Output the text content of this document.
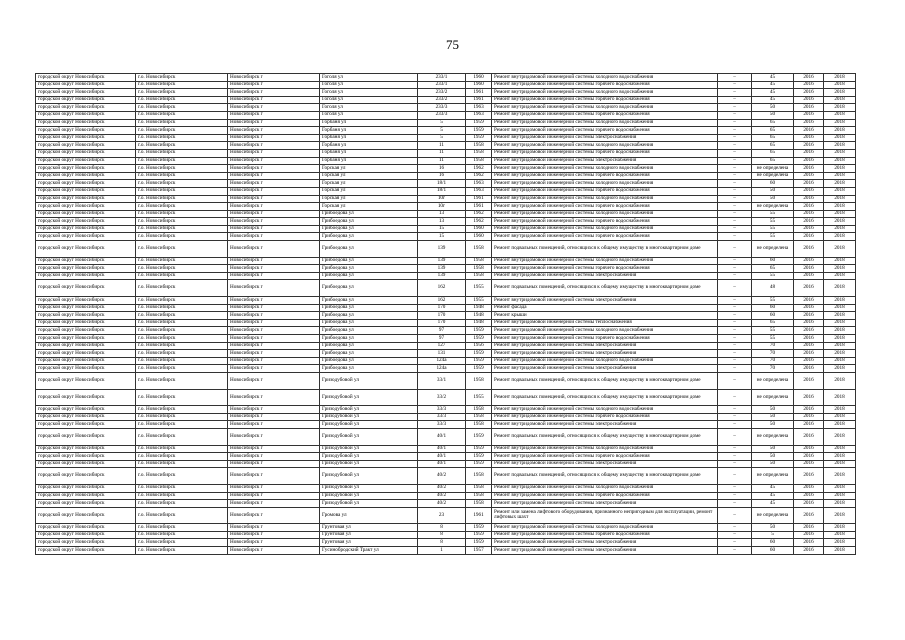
75
городской округ Новосибирск	г.о. Новосибирск	Новосибирск г	Гоголя ул	233/1	1960	Ремонт внутридомовой инженерной системы холодного водоснабжения	–	45	2016	2018
городской округ Новосибирск	г.о. Новосибирск	Новосибирск г	Гоголя ул	233/1	1960	Ремонт внутридомовой инженерной системы горячего водоснабжения	–	45	2016	2018
городской округ Новосибирск	г.о. Новосибирск	Новосибирск г	Гоголя ул	233/2	1961	Ремонт внутридомовой инженерной системы холодного водоснабжения	–	45	2016	2018
городской округ Новосибирск	г.о. Новосибирск	Новосибирск г	Гоголя ул	233/2	1961	Ремонт внутридомовой инженерной системы горячего водоснабжения	–	45	2016	2018
городской округ Новосибирск	г.о. Новосибирск	Новосибирск г	Гоголя ул	233/3	1963	Ремонт внутридомовой инженерной системы холодного водоснабжения	–	50	2016	2018
городской округ Новосибирск	г.о. Новосибирск	Новосибирск г	Гоголя ул	233/3	1963	Ремонт внутридомовой инженерной системы горячего водоснабжения	–	50	2016	2018
городской округ Новосибирск	г.о. Новосибирск	Новосибирск г	Горбаня ул	5	1959	Ремонт внутридомовой инженерной системы холодного водоснабжения	–	65	2016	2018
городской округ Новосибирск	г.о. Новосибирск	Новосибирск г	Горбаня ул	5	1959	Ремонт внутридомовой инженерной системы горячего водоснабжения	–	65	2016	2018
городской округ Новосибирск	г.о. Новосибирск	Новосибирск г	Горбаня ул	5	1959	Ремонт внутридомовой инженерной системы электроснабжения	–	65	2016	2018
городской округ Новосибирск	г.о. Новосибирск	Новосибирск г	Горбаня ул	11	1958	Ремонт внутридомовой инженерной системы холодного водоснабжения	–	65	2016	2018
городской округ Новосибирск	г.о. Новосибирск	Новосибирск г	Горбаня ул	11	1958	Ремонт внутридомовой инженерной системы горячего водоснабжения	–	65	2016	2018
городской округ Новосибирск	г.о. Новосибирск	Новосибирск г	Горбаня ул	11	1958	Ремонт внутридомовой инженерной системы электроснабжения	–	65	2016	2018
городской округ Новосибирск	г.о. Новосибирск	Новосибирск г	Горская ул	16	1962	Ремонт внутридомовой инженерной системы холодного водоснабжения	–	не определена	2016	2018
городской округ Новосибирск	г.о. Новосибирск	Новосибирск г	Горская ул	16	1962	Ремонт внутридомовой инженерной системы горячего водоснабжения	–	не определена	2016	2018
городской округ Новосибирск	г.о. Новосибирск	Новосибирск г	Горская ул	18/1	1963	Ремонт внутридомовой инженерной системы холодного водоснабжения	–	60	2016	2018
городской округ Новосибирск	г.о. Новосибирск	Новосибирск г	Горская ул	18/1	1963	Ремонт внутридомовой инженерной системы горячего водоснабжения	–	50	2016	2018
городской округ Новосибирск	г.о. Новосибирск	Новосибирск г	Горская ул	10г	1961	Ремонт внутридомовой инженерной системы холодного водоснабжения	–	50	2016	2018
городской округ Новосибирск	г.о. Новосибирск	Новосибирск г	Горская ул	10г	1961	Ремонт внутридомовой инженерной системы горячего водоснабжения	–	не определена	2016	2018
городской округ Новосибирск	г.о. Новосибирск	Новосибирск г	Грибоедова ул	13	1962	Ремонт внутридомовой инженерной системы холодного водоснабжения	–	55	2016	2018
городской округ Новосибирск	г.о. Новосибирск	Новосибирск г	Грибоедова ул	13	1962	Ремонт внутридомовой инженерной системы горячего водоснабжения	–	55	2016	2018
городской округ Новосибирск	г.о. Новосибирск	Новосибирск г	Грибоедова ул	15	1960	Ремонт внутридомовой инженерной системы холодного водоснабжения	–	55	2016	2018
городской округ Новосибирск	г.о. Новосибирск	Новосибирск г	Грибоедова ул	15	1960	Ремонт внутридомовой инженерной системы горячего водоснабжения	–	55	2016	2018
городской округ Новосибирск	г.о. Новосибирск	Новосибирск г	Грибоедова ул	139	1958	Ремонт подвальных помещений, относящихся к общему имуществу в многоквартирном доме	–	не определена	2016	2018
городской округ Новосибирск	г.о. Новосибирск	Новосибирск г	Грибоедова ул	139	1958	Ремонт внутридомовой инженерной системы холодного водоснабжения	–	60	2016	2018
городской округ Новосибирск	г.о. Новосибирск	Новосибирск г	Грибоедова ул	139	1958	Ремонт внутридомовой инженерной системы горячего водоснабжения	–	65	2016	2018
городской округ Новосибирск	г.о. Новосибирск	Новосибирск г	Грибоедова ул	139	1958	Ремонт внутридомовой инженерной системы электроснабжения	–	55	2016	2018
городской округ Новосибирск	г.о. Новосибирск	Новосибирск г	Грибоедова ул	162	1955	Ремонт подвальных помещений, относящихся к общему имуществу в многоквартирном доме	–	48	2016	2018
городской округ Новосибирск	г.о. Новосибирск	Новосибирск г	Грибоедова ул	162	1955	Ремонт внутридомовой инженерной системы электроснабжения	–	55	2016	2018
городской округ Новосибирск	г.о. Новосибирск	Новосибирск г	Грибоедова ул	170	1948	Ремонт фасада	–	60	2016	2018
городской округ Новосибирск	г.о. Новосибирск	Новосибирск г	Грибоедова ул	170	1948	Ремонт крыши	–	60	2016	2018
городской округ Новосибирск	г.о. Новосибирск	Новосибирск г	Грибоедова ул	170	1948	Ремонт внутридомовой инженерной системы теплоснабжения	–	65	2016	2018
городской округ Новосибирск	г.о. Новосибирск	Новосибирск г	Грибоедова ул	97	1959	Ремонт внутридомовой инженерной системы холодного водоснабжения	–	55	2016	2018
городской округ Новосибирск	г.о. Новосибирск	Новосибирск г	Грибоедова ул	97	1959	Ремонт внутридомовой инженерной системы горячего водоснабжения	–	55	2016	2018
городской округ Новосибирск	г.о. Новосибирск	Новосибирск г	Грибоедова ул	127	1956	Ремонт внутридомовой инженерной системы электроснабжения	–	70	2016	2018
городской округ Новосибирск	г.о. Новосибирск	Новосибирск г	Грибоедова ул	131	1959	Ремонт внутридомовой инженерной системы электроснабжения	–	70	2016	2018
городской округ Новосибирск	г.о. Новосибирск	Новосибирск г	Грибоедова ул	124а	1959	Ремонт внутридомовой инженерной системы холодного водоснабжения	–	70	2016	2018
городской округ Новосибирск	г.о. Новосибирск	Новосибирск г	Грибоедова ул	124а	1959	Ремонт внутридомовой инженерной системы электроснабжения	–	70	2016	2018
городской округ Новосибирск	г.о. Новосибирск	Новосибирск г	Гризодубовой ул	33/1	1958	Ремонт подвальных помещений, относящихся к общему имуществу в многоквартирном доме	–	не определена	2016	2018
городской округ Новосибирск	г.о. Новосибирск	Новосибирск г	Гризодубовой ул	33/2	1955	Ремонт подвальных помещений, относящихся к общему имуществу в многоквартирном доме	–	не определена	2016	2018
городской округ Новосибирск	г.о. Новосибирск	Новосибирск г	Гризодубовой ул	33/3	1958	Ремонт внутридомовой инженерной системы холодного водоснабжения	–	50	2016	2018
городской округ Новосибирск	г.о. Новосибирск	Новосибирск г	Гризодубовой ул	33/3	1958	Ремонт внутридомовой инженерной системы горячего водоснабжения	–	50	2016	2018
городской округ Новосибирск	г.о. Новосибирск	Новосибирск г	Гризодубовой ул	33/3	1958	Ремонт внутридомовой инженерной системы электроснабжения	–	50	2016	2018
городской округ Новосибирск	г.о. Новосибирск	Новосибирск г	Гризодубовой ул	40/1	1959	Ремонт подвальных помещений, относящихся к общему имуществу в многоквартирном доме	–	не определена	2016	2018
городской округ Новосибирск	г.о. Новосибирск	Новосибирск г	Гризодубовой ул	40/1	1959	Ремонт внутридомовой инженерной системы холодного водоснабжения	–	50	2016	2018
городской округ Новосибирск	г.о. Новосибирск	Новосибирск г	Гризодубовой ул	40/1	1959	Ремонт внутридомовой инженерной системы горячего водоснабжения	–	50	2016	2018
городской округ Новосибирск	г.о. Новосибирск	Новосибирск г	Гризодубовой ул	40/1	1959	Ремонт внутридомовой инженерной системы электроснабжения	–	50	2016	2018
городской округ Новосибирск	г.о. Новосибирск	Новосибирск г	Гризодубовой ул	40/2	1958	Ремонт подвальных помещений, относящихся к общему имуществу в многоквартирном доме	–	не определена	2016	2018
городской округ Новосибирск	г.о. Новосибирск	Новосибирск г	Гризодубовой ул	40/2	1958	Ремонт внутридомовой инженерной системы холодного водоснабжения	–	45	2016	2018
городской округ Новосибирск	г.о. Новосибирск	Новосибирск г	Гризодубовой ул	40/2	1958	Ремонт внутридомовой инженерной системы горячего водоснабжения	–	45	2016	2018
городской округ Новосибирск	г.о. Новосибирск	Новосибирск г	Гризодубовой ул	40/2	1958	Ремонт внутридомовой инженерной системы электроснабжения	–	45	2016	2018
городской округ Новосибирск	г.о. Новосибирск	Новосибирск г	Громова ул	23	1961	Ремонт или замена лифтового оборудования, признанного непригодным для эксплуатации, ремонт лифтовых шахт	–	не определена	2016	2018
городской округ Новосибирск	г.о. Новосибирск	Новосибирск г	Грунтовая ул	8	1959	Ремонт внутридомовой инженерной системы холодного водоснабжения	–	50	2016	2018
городской округ Новосибирск	г.о. Новосибирск	Новосибирск г	Грунтовая ул	8	1959	Ремонт внутридомовой инженерной системы горячего водоснабжения	–	5	2016	2018
городской округ Новосибирск	г.о. Новосибирск	Новосибирск г	Грунтовая ул	8	1959	Ремонт внутридомовой инженерной системы электроснабжения	–	60	2016	2018
городской округ Новосибирск	г.о. Новосибирск	Новосибирск г	Гусинобродский Тракт ул	1	1957	Ремонт внутридомовой инженерной системы электроснабжения	–	60	2016	2018
